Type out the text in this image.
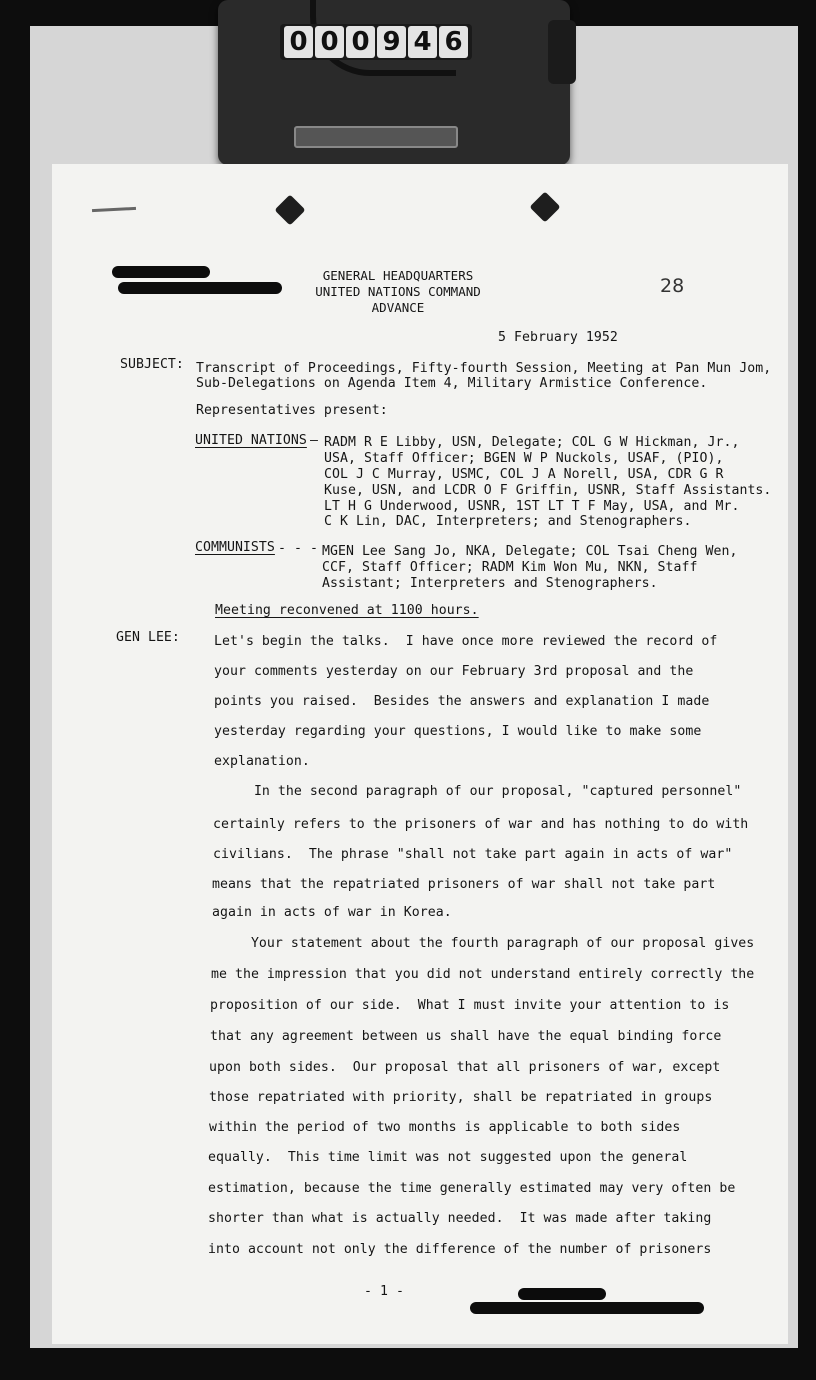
0 0 0 9 4 6
GENERAL HEADQUARTERS
UNITED NATIONS COMMAND
ADVANCE
28
5 February 1952
SUBJECT: Transcript of Proceedings, Fifty-fourth Session, Meeting at Pan Mun Jom,
Sub-Delegations on Agenda Item 4, Military Armistice Conference.
Representatives present:
UNITED NATIONS – RADM R E Libby, USN, Delegate; COL G W Hickman, Jr.,
USA, Staff Officer; BGEN W P Nuckols, USAF, (PIO),
COL J C Murray, USMC, COL J A Norell, USA, CDR G R
Kuse, USN, and LCDR O F Griffin, USNR, Staff Assistants.
LT H G Underwood, USNR, 1ST LT T F May, USA, and Mr.
C K Lin, DAC, Interpreters; and Stenographers.
COMMUNISTS - - - MGEN Lee Sang Jo, NKA, Delegate; COL Tsai Cheng Wen,
CCF, Staff Officer; RADM Kim Won Mu, NKN, Staff
Assistant; Interpreters and Stenographers.
Meeting reconvened at 1100 hours.
GEN LEE:	Let's begin the talks.  I have once more reviewed the record of
your comments yesterday on our February 3rd proposal and the
points you raised.  Besides the answers and explanation I made
yesterday regarding your questions, I would like to make some
explanation.
In the second paragraph of our proposal, "captured personnel"
certainly refers to the prisoners of war and has nothing to do with
civilians.  The phrase "shall not take part again in acts of war"
means that the repatriated prisoners of war shall not take part
again in acts of war in Korea.
Your statement about the fourth paragraph of our proposal gives
me the impression that you did not understand entirely correctly the
proposition of our side.  What I must invite your attention to is
that any agreement between us shall have the equal binding force
upon both sides.  Our proposal that all prisoners of war, except
those repatriated with priority, shall be repatriated in groups
within the period of two months is applicable to both sides
equally.  This time limit was not suggested upon the general
estimation, because the time generally estimated may very often be
shorter than what is actually needed.  It was made after taking
into account not only the difference of the number of prisoners
- 1 -
